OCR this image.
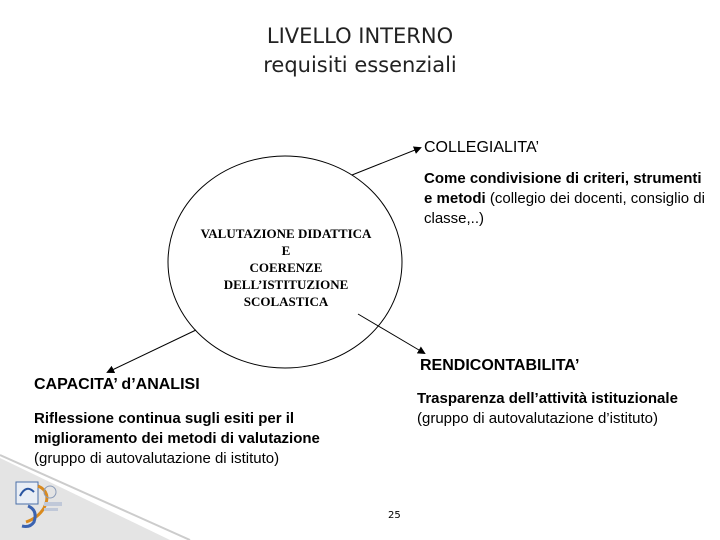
LIVELLO INTERNO
requisiti essenziali
VALUTAZIONE DIDATTICA
E
COERENZE
DELL’ISTITUZIONE
SCOLASTICA
COLLEGIALITA’
Come condivisione di criteri, strumenti e metodi (collegio dei docenti, consiglio di classe,..)
RENDICONTABILITA’
Trasparenza dell’attività istituzionale
(gruppo di autovalutazione d’istituto)
CAPACITA’ d’ANALISI
Riflessione continua sugli esiti per il miglioramento dei metodi di valutazione
(gruppo di autovalutazione di istituto)
25
